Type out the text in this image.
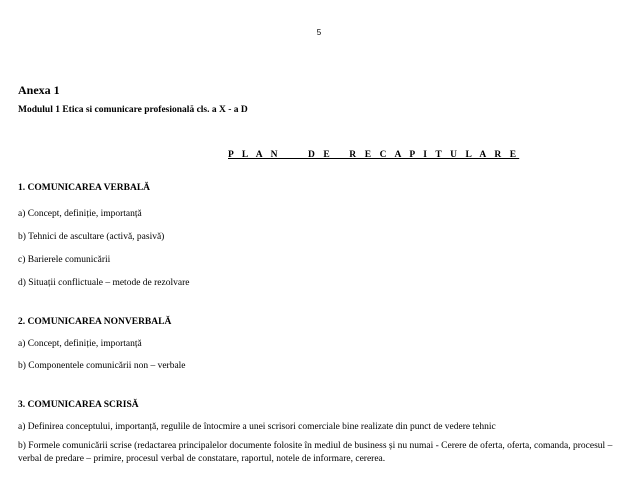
5
Anexa 1
Modulul 1 Etica si comunicare profesională cls. a X - a D
P L A N     D E   R E C A P I T U L A R E
1. COMUNICAREA VERBALĂ
a) Concept, definiție, importanță
b) Tehnici de ascultare (activă, pasivă)
c) Barierele comunicării
d) Situații conflictuale – metode de rezolvare
2. COMUNICAREA NONVERBALĂ
a) Concept, definiție, importanță
b) Componentele comunicării non – verbale
3. COMUNICAREA SCRISĂ
a) Definirea conceptului, importanță, regulile de întocmire a unei scrisori comerciale bine realizate din punct de vedere tehnic
b) Formele comunicării scrise (redactarea principalelor documente folosite în mediul de business și nu numai - Cerere de oferta, oferta, comanda, procesul – verbal de predare – primire, procesul verbal de constatare, raportul, notele de informare, cererea.
